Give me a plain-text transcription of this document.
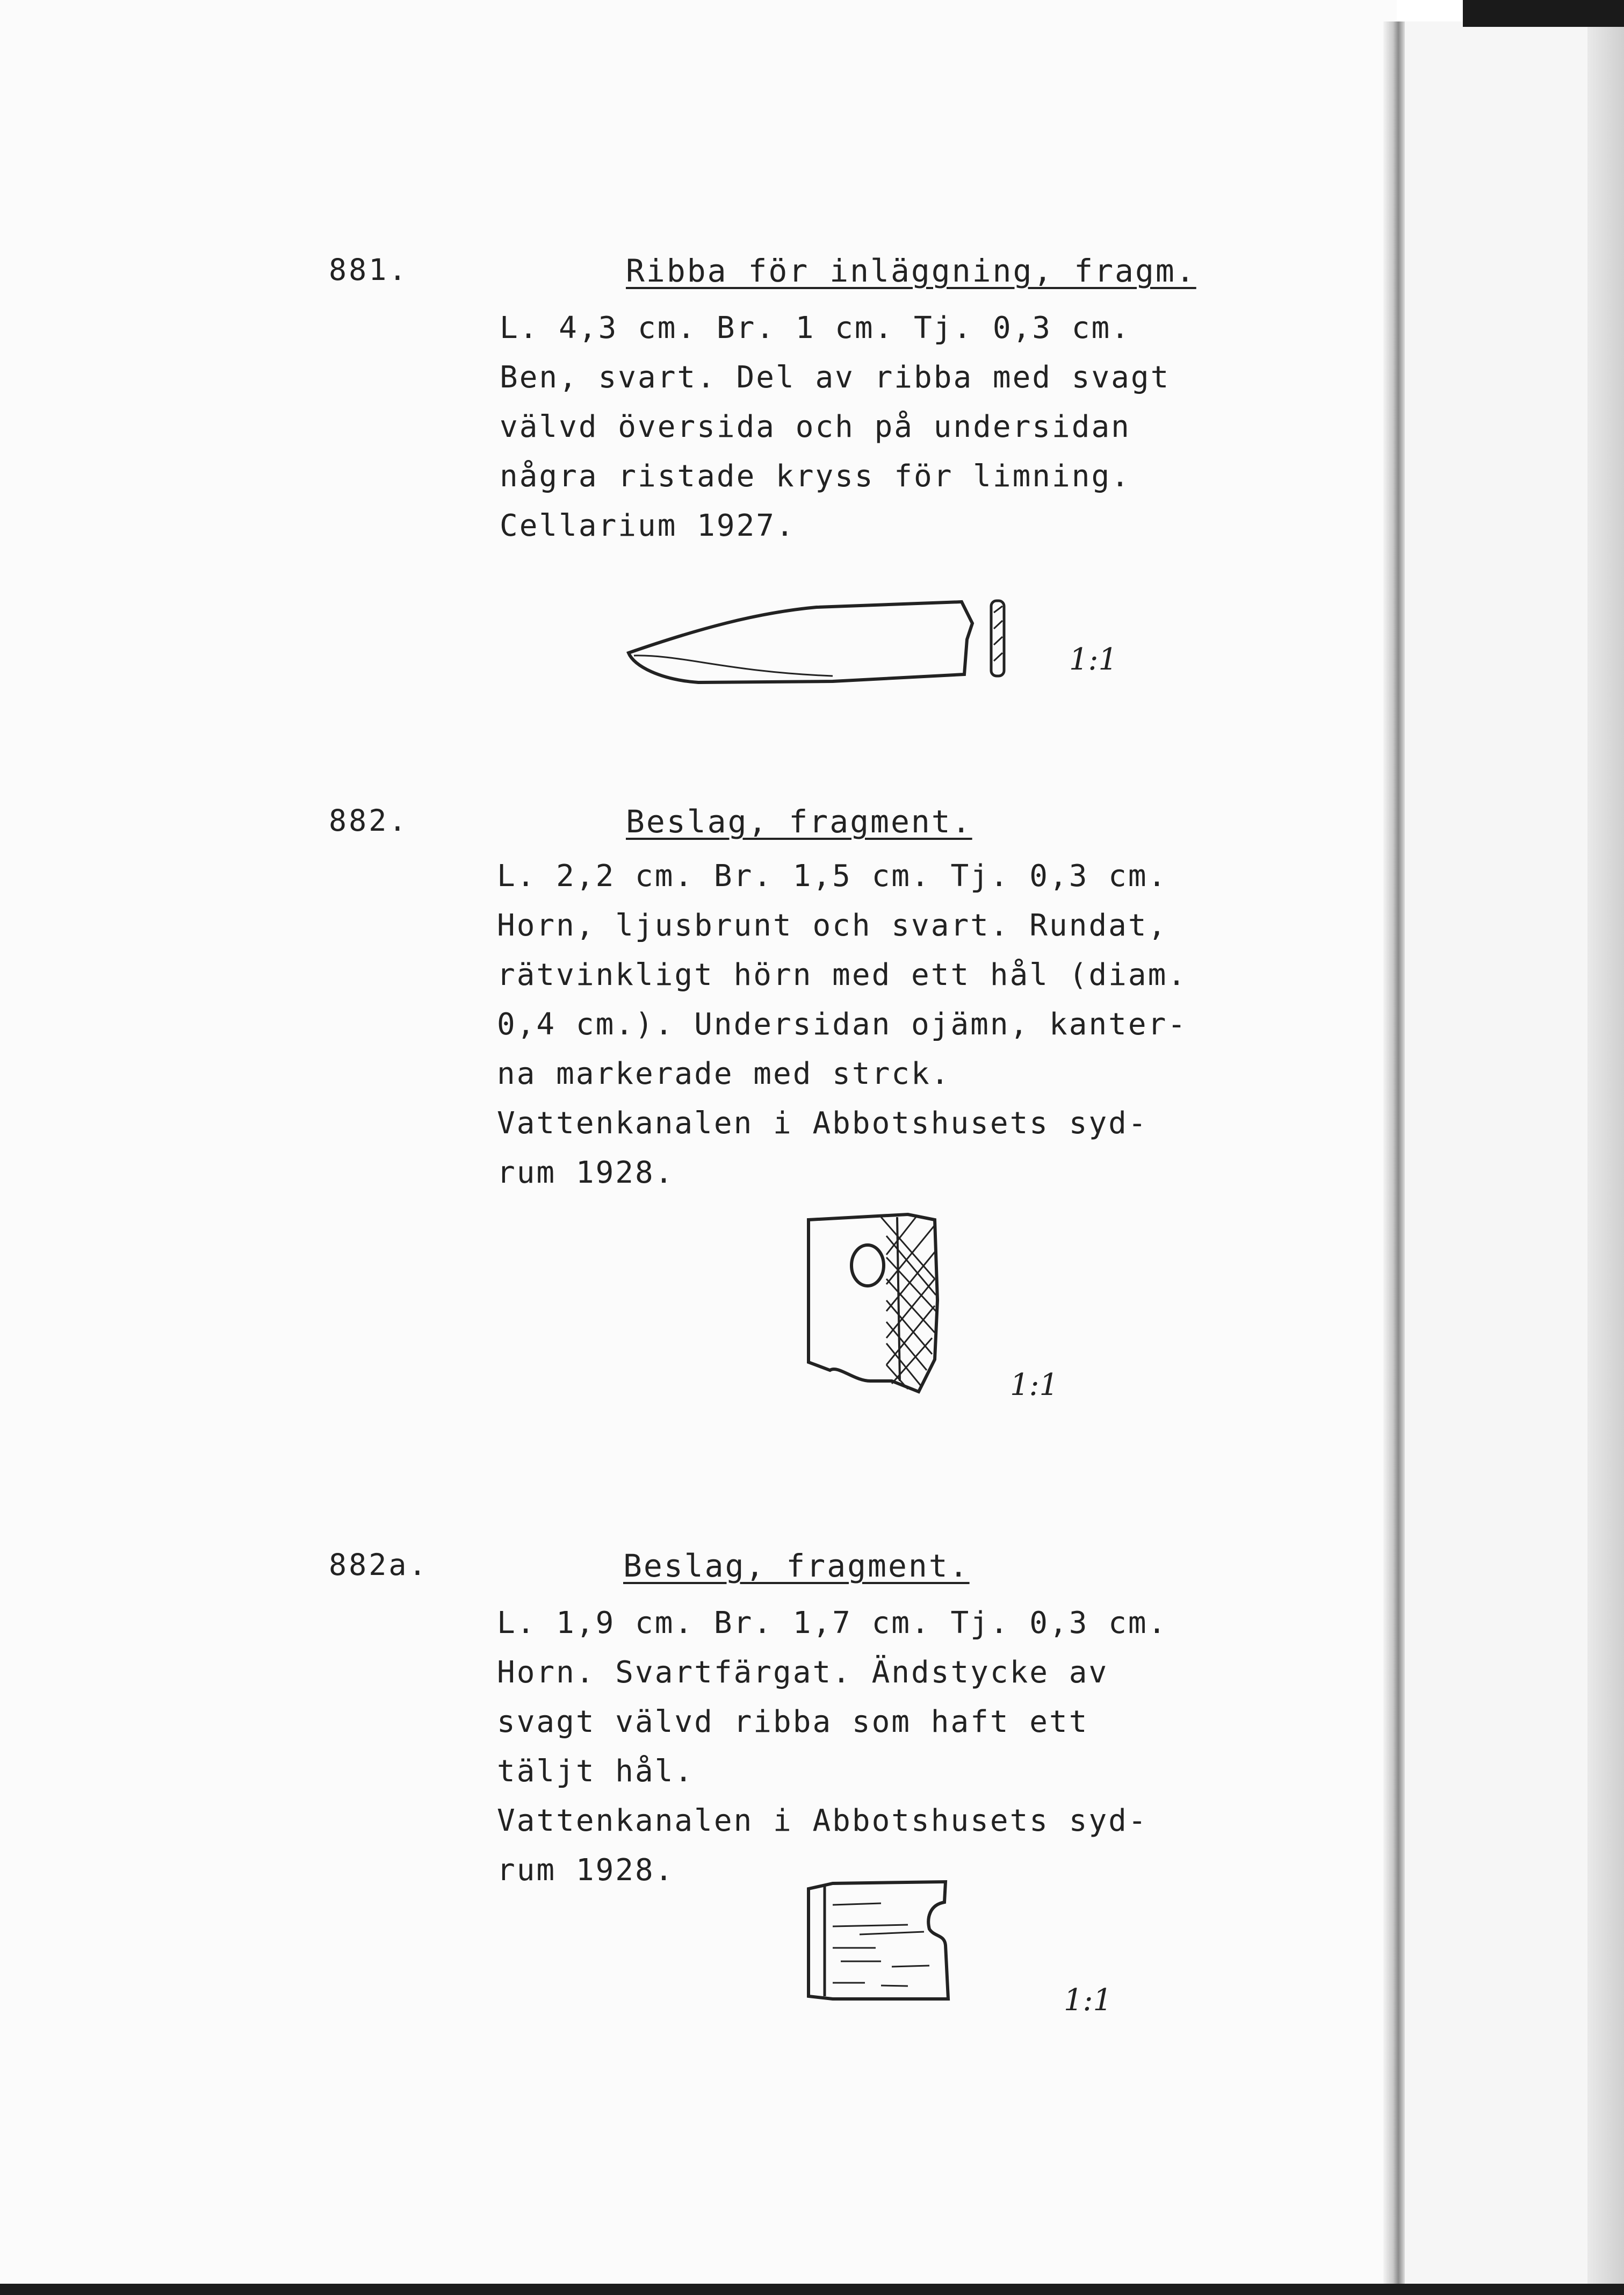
881.	Ribba för inläggning, fragm.
L. 4,3 cm. Br. 1 cm. Tj. 0,3 cm.
Ben, svart. Del av ribba med svagt
välvd översida och på undersidan
några ristade kryss för limning.
Cellarium 1927.
1:1
882.	Beslag, fragment.
L. 2,2 cm. Br. 1,5 cm. Tj. 0,3 cm.
Horn, ljusbrunt och svart. Rundat,
rätvinkligt hörn med ett hål (diam.
0,4 cm.). Undersidan ojämn, kanter-
na markerade med strck.
Vattenkanalen i Abbotshusets syd-
rum 1928.
1:1
882a.	Beslag, fragment.
L. 1,9 cm. Br. 1,7 cm. Tj. 0,3 cm.
Horn. Svartfärgat. Ändstycke av
svagt välvd ribba som haft ett
täljt hål.
Vattenkanalen i Abbotshusets syd-
rum 1928.
1:1
